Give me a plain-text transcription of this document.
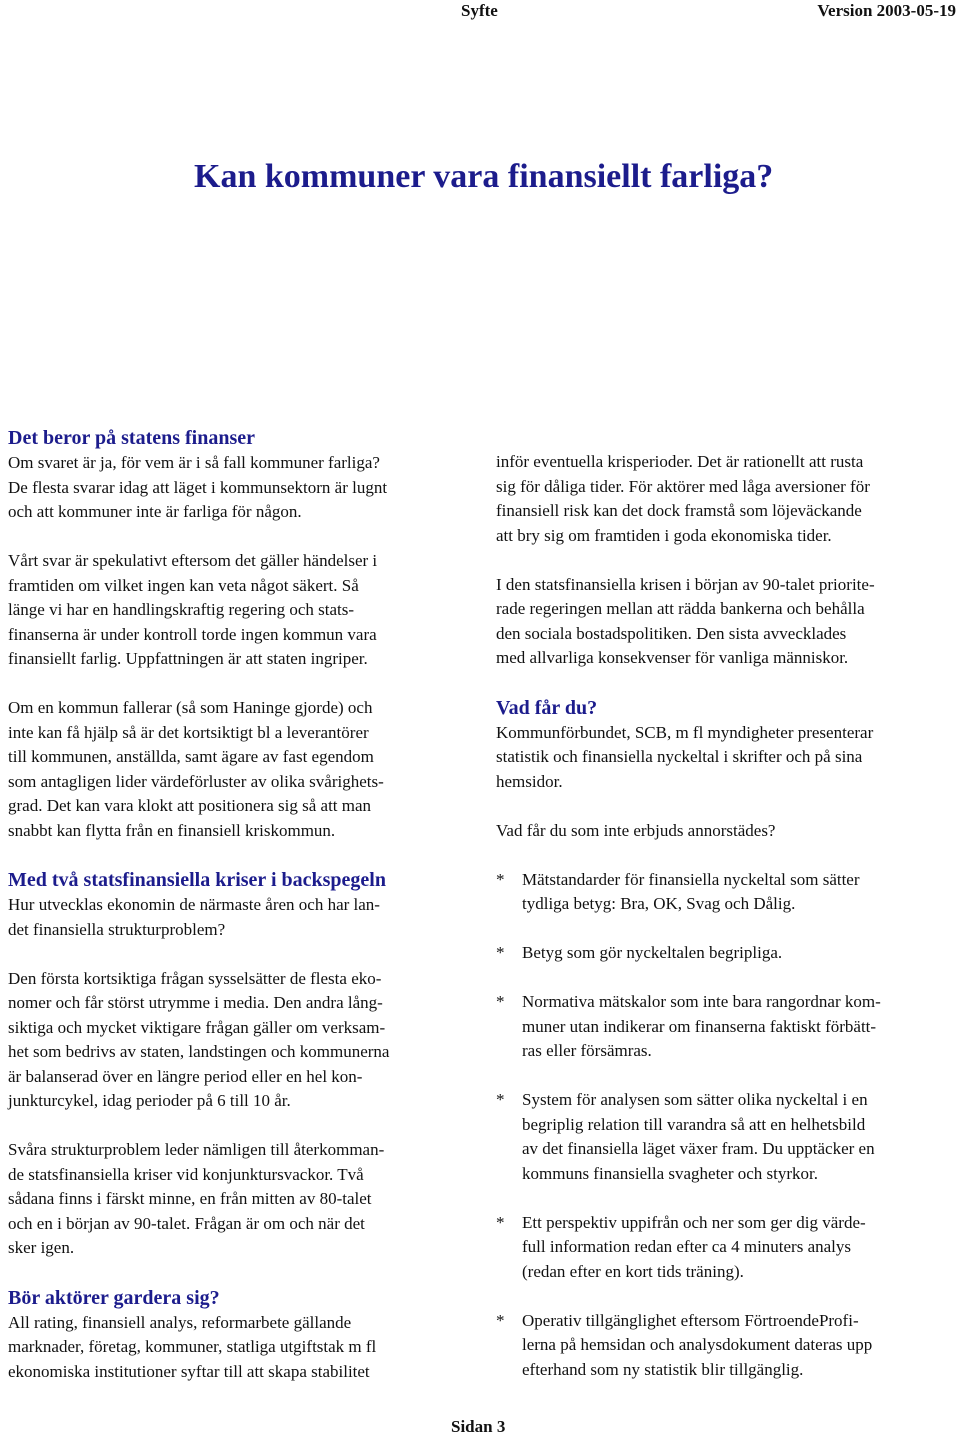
Syfte	Version 2003-05-19
Kan kommuner vara finansiellt farliga?
Det beror på statens finanser

Om svaret är ja, för vem är i så fall kommuner farliga?

De flesta svarar idag att läget i kommunsektorn är lugnt

och att kommuner inte är farliga för någon.

Vårt svar är spekulativt eftersom det gäller händelser i

framtiden om vilket ingen kan veta något säkert. Så

länge vi har en handlingskraftig regering och stats-

finanserna är under kontroll torde ingen kommun vara

finansiellt farlig. Uppfattningen är att staten ingriper.

Om en kommun fallerar (så som Haninge gjorde) och

inte kan få hjälp så är det kortsiktigt bl a leverantörer

till kommunen, anställda, samt ägare av fast egendom

som antagligen lider värdeförluster av olika svårighets-

grad. Det kan vara klokt att positionera sig så att man

snabbt kan flytta från en finansiell kriskommun.

Med två statsfinansiella kriser i backspegeln

Hur utvecklas ekonomin de närmaste åren och har lan-

det finansiella strukturproblem?

Den första kortsiktiga frågan sysselsätter de flesta eko-

nomer och får störst utrymme i media. Den andra lång-

siktiga och mycket viktigare frågan gäller om verksam-

het som bedrivs av staten, landstingen och kommunerna

är balanserad över en längre period eller en hel kon-

junkturcykel, idag perioder på 6 till 10 år.

Svåra strukturproblem leder nämligen till återkomman-

de statsfinansiella kriser vid konjunktursvackor. Två

sådana finns i färskt minne, en från mitten av 80-talet

och en i början av 90-talet. Frågan är om och när det

sker igen.

Bör aktörer gardera sig?

All rating, finansiell analys, reformarbete gällande

marknader, företag, kommuner, statliga utgiftstak m fl

ekonomiska institutioner syftar till att skapa stabilitet

inför eventuella krisperioder. Det är rationellt att rusta

sig för dåliga tider. För aktörer med låga aversioner för

finansiell risk kan det dock framstå som löjeväckande

att bry sig om framtiden i goda ekonomiska tider.

I den statsfinansiella krisen i början av 90-talet priorite-

rade regeringen mellan att rädda bankerna och behålla

den sociala bostadspolitiken. Den sista avvecklades

med allvarliga konsekvenser för vanliga människor.

Vad får du?

Kommunförbundet, SCB, m fl myndigheter presenterar

statistik och finansiella nyckeltal i skrifter och på sina

hemsidor.

Vad får du som inte erbjuds annorstädes?

*	Mätstandarder för finansiella nyckeltal som sätter

tydliga betyg: Bra, OK, Svag och Dålig.

*	Betyg som gör nyckeltalen begripliga.

*	Normativa mätskalor som inte bara rangordnar kom-

muner utan indikerar om finanserna faktiskt förbätt-

ras eller försämras.

*	System för analysen som sätter olika nyckeltal i en

begriplig relation till varandra så att en helhetsbild

av det finansiella läget växer fram. Du upptäcker en

kommuns finansiella svagheter och styrkor.

*	Ett perspektiv uppifrån och ner som ger dig värde-

full information redan efter ca 4 minuters analys

(redan efter en kort tids träning).

*	Operativ tillgänglighet eftersom FörtroendeProfi-

lerna på hemsidan och analysdokument dateras upp

efterhand som ny statistik blir tillgänglig.

Sidan 3
